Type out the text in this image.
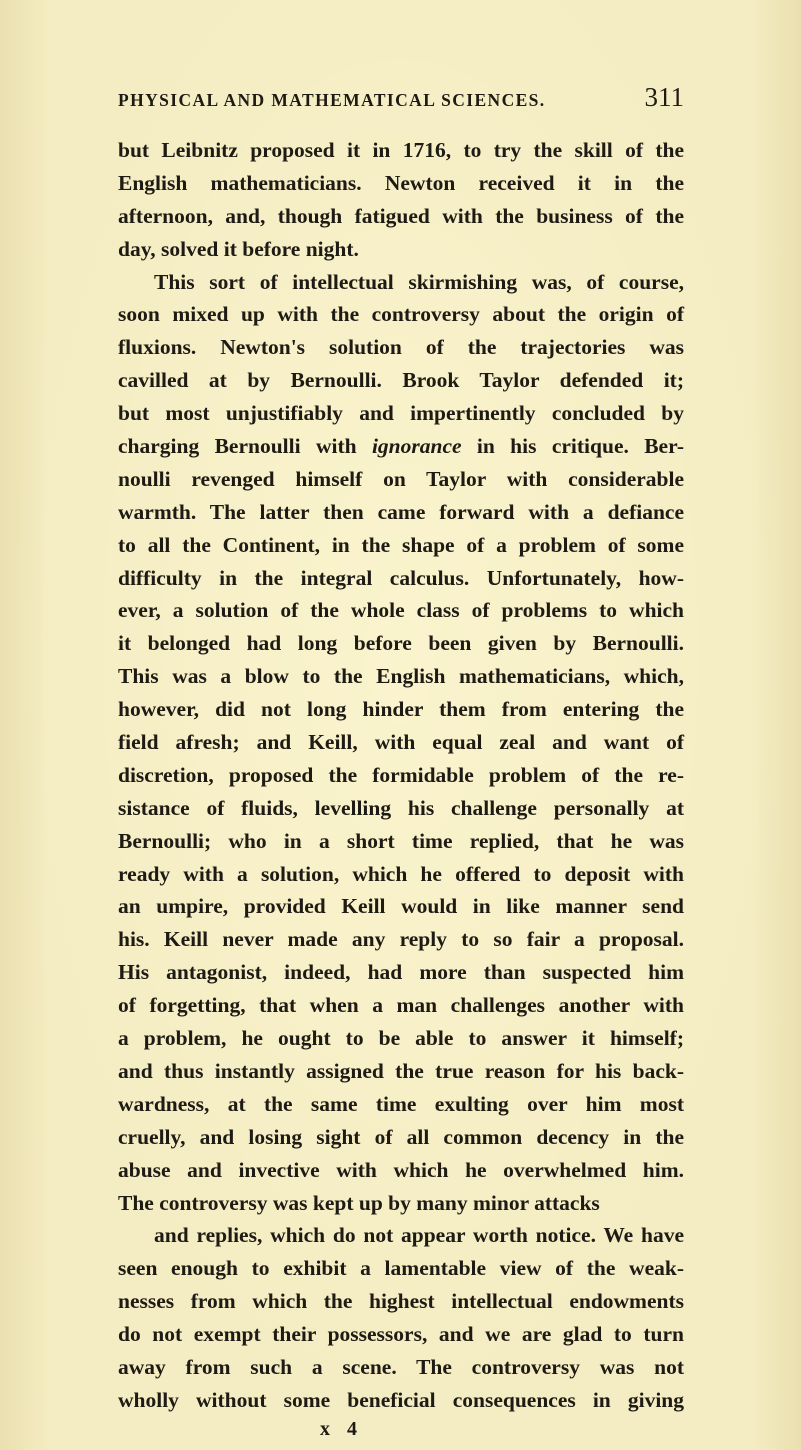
PHYSICAL AND MATHEMATICAL SCIENCES.	311
but Leibnitz proposed it in 1716, to try the skill of the
English mathematicians. Newton received it in the
afternoon, and, though fatigued with the business of the
day, solved it before night.
This sort of intellectual skirmishing was, of course,
soon mixed up with the controversy about the origin of
fluxions. Newton's solution of the trajectories was
cavilled at by Bernoulli. Brook Taylor defended it;
but most unjustifiably and impertinently concluded by
charging Bernoulli with ignorance in his critique. Ber-
noulli revenged himself on Taylor with considerable
warmth. The latter then came forward with a defiance
to all the Continent, in the shape of a problem of some
difficulty in the integral calculus. Unfortunately, how-
ever, a solution of the whole class of problems to which
it belonged had long before been given by Bernoulli.
This was a blow to the English mathematicians, which,
however, did not long hinder them from entering the
field afresh; and Keill, with equal zeal and want of
discretion, proposed the formidable problem of the re-
sistance of fluids, levelling his challenge personally at
Bernoulli; who in a short time replied, that he was
ready with a solution, which he offered to deposit with
an umpire, provided Keill would in like manner send
his. Keill never made any reply to so fair a proposal.
His antagonist, indeed, had more than suspected him
of forgetting, that when a man challenges another with
a problem, he ought to be able to answer it himself;
and thus instantly assigned the true reason for his back-
wardness, at the same time exulting over him most
cruelly, and losing sight of all common decency in the
abuse and invective with which he overwhelmed him.
The controversy was kept up by many minor attacks
and replies, which do not appear worth notice. We have
seen enough to exhibit a lamentable view of the weak-
nesses from which the highest intellectual endowments
do not exempt their possessors, and we are glad to turn
away from such a scene. The controversy was not
wholly without some beneficial consequences in giving
x 4
